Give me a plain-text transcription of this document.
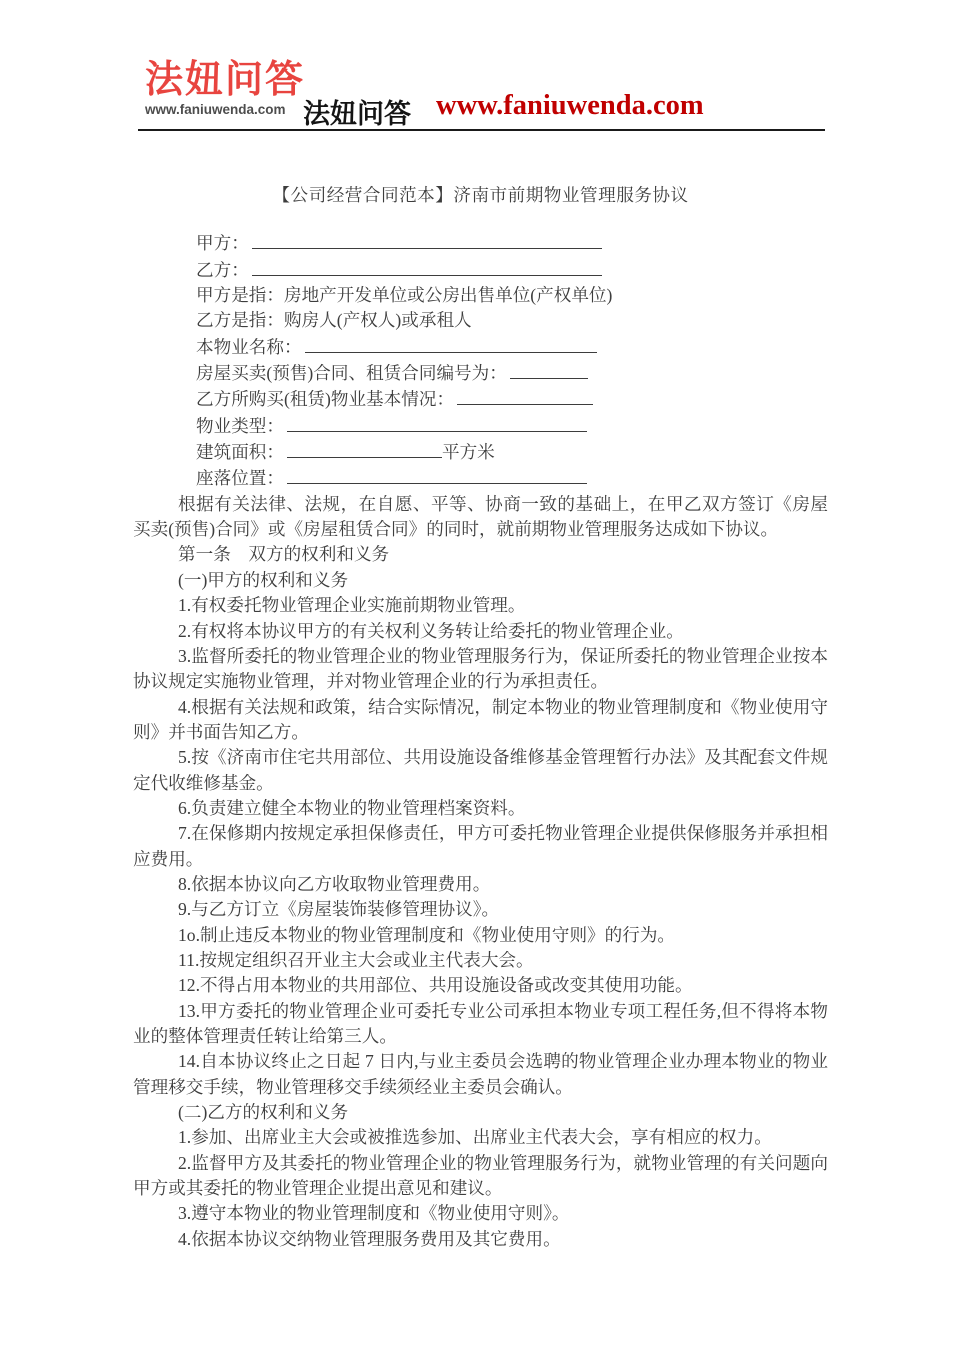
法妞问答
www.faniuwenda.com 法妞问答 www.faniuwenda.com
【公司经营合同范本】济南市前期物业管理服务协议
甲方：
乙方：
甲方是指：房地产开发单位或公房出售单位(产权单位)
乙方是指：购房人(产权人)或承租人
本物业名称：
房屋买卖(预售)合同、租赁合同编号为：
乙方所购买(租赁)物业基本情况：
物业类型：
建筑面积：	平方米
座落位置：

根据有关法律、法规，在自愿、平等、协商一致的基础上，在甲乙双方签订《房屋买卖(预售)合同》或《房屋租赁合同》的同时，就前期物业管理服务达成如下协议。

第一条　双方的权利和义务

(一)甲方的权利和义务

1.有权委托物业管理企业实施前期物业管理。

2.有权将本协议甲方的有关权利义务转让给委托的物业管理企业。

3.监督所委托的物业管理企业的物业管理服务行为，保证所委托的物业管理企业按本协议规定实施物业管理，并对物业管理企业的行为承担责任。

4.根据有关法规和政策，结合实际情况，制定本物业的物业管理制度和《物业使用守则》并书面告知乙方。

5.按《济南市住宅共用部位、共用设施设备维修基金管理暂行办法》及其配套文件规定代收维修基金。

6.负责建立健全本物业的物业管理档案资料。

7.在保修期内按规定承担保修责任，甲方可委托物业管理企业提供保修服务并承担相应费用。

8.依据本协议向乙方收取物业管理费用。

9.与乙方订立《房屋装饰装修管理协议》。

1o.制止违反本物业的物业管理制度和《物业使用守则》的行为。

11.按规定组织召开业主大会或业主代表大会。

12.不得占用本物业的共用部位、共用设施设备或改变其使用功能。

13.甲方委托的物业管理企业可委托专业公司承担本物业专项工程任务,但不得将本物业的整体管理责任转让给第三人。

14.自本协议终止之日起 7 日内,与业主委员会选聘的物业管理企业办理本物业的物业管理移交手续，物业管理移交手续须经业主委员会确认。

(二)乙方的权利和义务

1.参加、出席业主大会或被推选参加、出席业主代表大会，享有相应的权力。

2.监督甲方及其委托的物业管理企业的物业管理服务行为，就物业管理的有关问题向甲方或其委托的物业管理企业提出意见和建议。

3.遵守本物业的物业管理制度和《物业使用守则》。

4.依据本协议交纳物业管理服务费用及其它费用。
